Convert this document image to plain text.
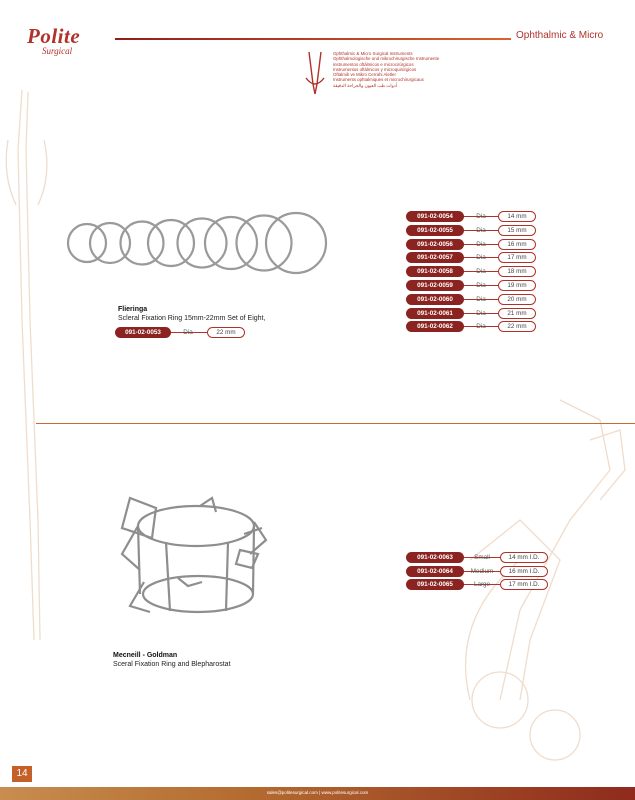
Polite
Surgical
Ophthalmic & Micro
Ophthalmic & Micro Surgical Instruments
Ophthalmologische und mikrochirurgische Instrumente
instrumentos oftálmicos e microcirúrgicos
Instrumentos oftálmicos y microquirúrgicos
Oftalmik ve Mikro Cerrahi Aletler
Instruments ophtalmiques et microchirurgicaux
أدوات طب العيون والجراحة الدقيقة
Flieringa
Scleral Fixation Ring 15mm-22mm Set of Eight,
091-02-0053	Dia	22 mm
091-02-0054	Dia	14 mm
091-02-0055	Dia	15 mm
091-02-0056	Dia	16 mm
091-02-0057	Dia	17 mm
091-02-0058	Dia	18 mm
091-02-0059	Dia	19 mm
091-02-0060	Dia	20 mm
091-02-0061	Dia	21 mm
091-02-0062	Dia	22 mm
Mecneill - Goldman
Sceral Fixation Ring and Blepharostat
091-02-0063	Small	14 mm I.D.
091-02-0064	Medium	16 mm I.D.
091-02-0065	Large	17 mm I.D.
14
sales@politesurgical.com | www.politesurgical.com
